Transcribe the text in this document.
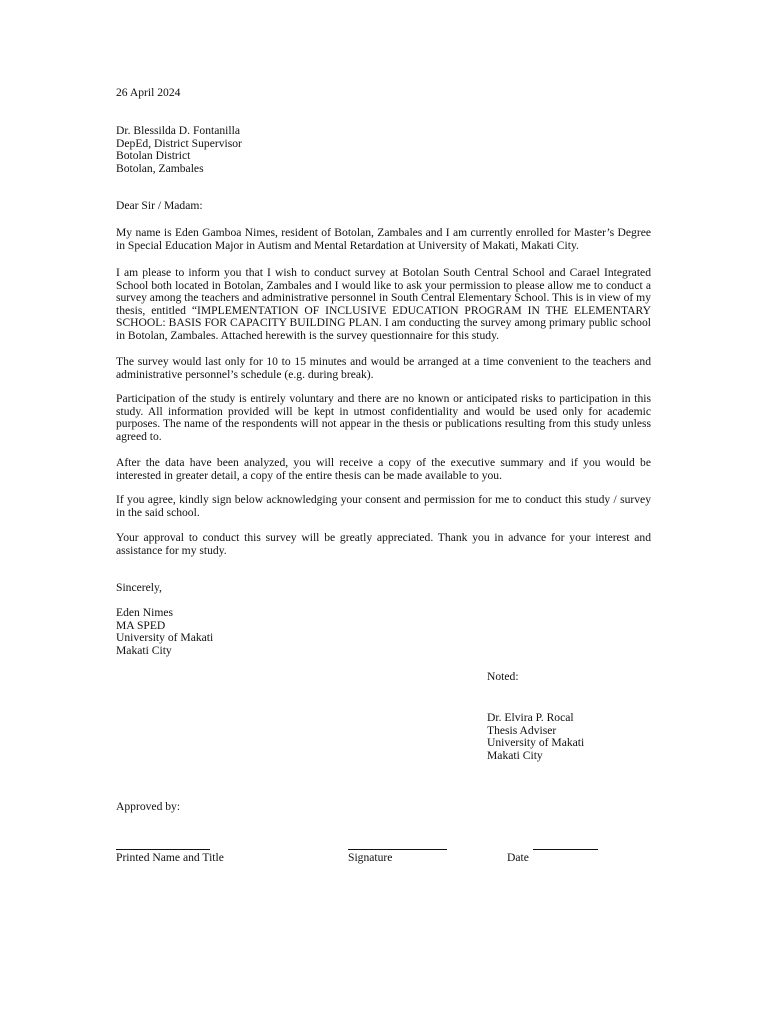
26 April 2024
Dr. Blessilda D. Fontanilla
DepEd, District Supervisor
Botolan District
Botolan, Zambales
Dear Sir / Madam:

My name is Eden Gamboa Nimes, resident of Botolan, Zambales and I am currently enrolled for Master’s Degree in Special Education Major in Autism and Mental Retardation at University of Makati, Makati City.

I am please to inform you that I wish to conduct survey at Botolan South Central School and Carael Integrated School both located in Botolan, Zambales and I would like to ask your permission to please allow me to conduct a survey among the teachers and administrative personnel in South Central Elementary School. This is in view of my thesis, entitled “IMPLEMENTATION OF INCLUSIVE EDUCATION PROGRAM IN THE ELEMENTARY SCHOOL: BASIS FOR CAPACITY BUILDING PLAN. I am conducting the survey among primary public school in Botolan, Zambales. Attached herewith is the survey questionnaire for this study.

The survey would last only for 10 to 15 minutes and would be arranged at a time convenient to the teachers and administrative personnel’s schedule (e.g. during break).

Participation of the study is entirely voluntary and there are no known or anticipated risks to participation in this study. All information provided will be kept in utmost confidentiality and would be used only for academic purposes. The name of the respondents will not appear in the thesis or publications resulting from this study unless agreed to.

After the data have been analyzed, you will receive a copy of the executive summary and if you would be interested in greater detail, a copy of the entire thesis can be made available to you.

If you agree, kindly sign below acknowledging your consent and permission for me to conduct this study / survey in the said school.

Your approval to conduct this survey will be greatly appreciated. Thank you in advance for your interest and assistance for my study.

Sincerely,
Eden Nimes
MA SPED
University of Makati
Makati City
Noted:
Dr. Elvira P. Rocal
Thesis Adviser
University of Makati
Makati City
Approved by:
Printed Name and Title	Signature	Date
